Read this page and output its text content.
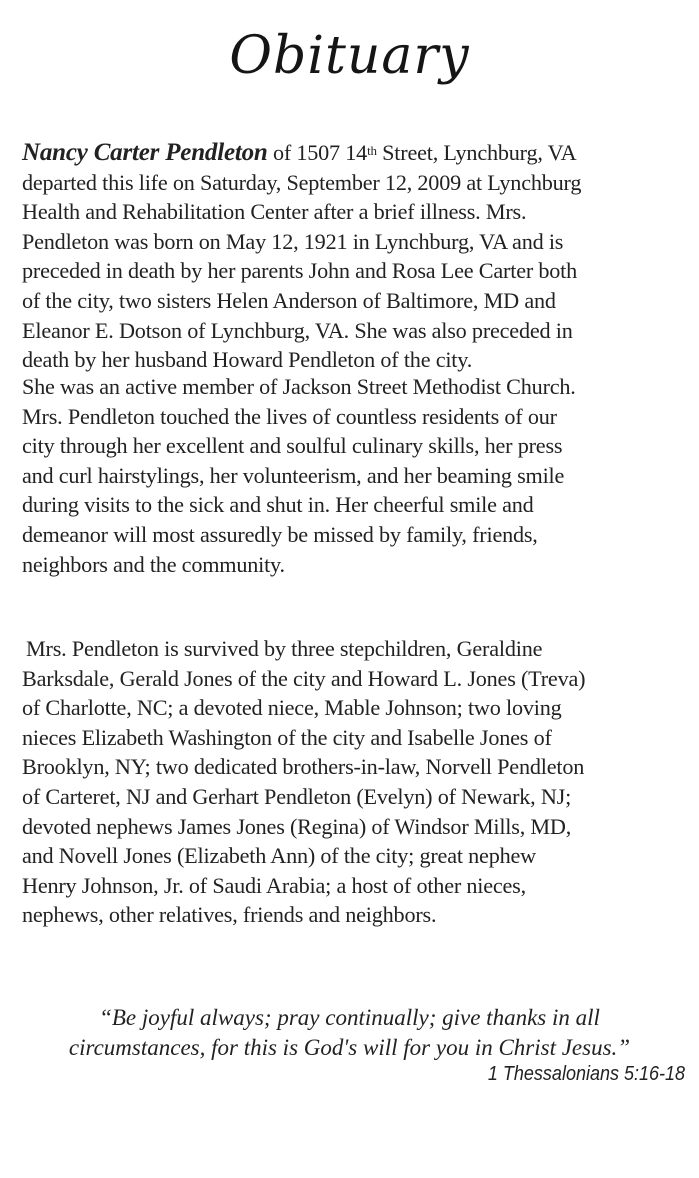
Obituary
Nancy Carter Pendleton of 1507 14th Street, Lynchburg, VA
departed this life on Saturday, September 12, 2009 at Lynchburg
Health and Rehabilitation Center after a brief illness. Mrs.
Pendleton was born on May 12, 1921 in Lynchburg, VA and is
preceded in death by her parents John and Rosa Lee Carter both
of the city, two sisters Helen Anderson of Baltimore, MD and
Eleanor E. Dotson of Lynchburg, VA. She was also preceded in
death by her husband Howard Pendleton of the city.
She was an active member of Jackson Street Methodist Church.
Mrs. Pendleton touched the lives of countless residents of our
city through her excellent and soulful culinary skills, her press
and curl hairstylings, her volunteerism, and her beaming smile
during visits to the sick and shut in. Her cheerful smile and
demeanor will most assuredly be missed by family, friends,
neighbors and the community.
Mrs. Pendleton is survived by three stepchildren, Geraldine
Barksdale, Gerald Jones of the city and Howard L. Jones (Treva)
of Charlotte, NC; a devoted niece, Mable Johnson; two loving
nieces Elizabeth Washington of the city and Isabelle Jones of
Brooklyn, NY; two dedicated brothers-in-law, Norvell Pendleton
of Carteret, NJ and Gerhart Pendleton (Evelyn) of Newark, NJ;
devoted nephews James Jones (Regina) of Windsor Mills, MD,
and Novell Jones (Elizabeth Ann) of the city; great nephew
Henry Johnson, Jr. of Saudi Arabia; a host of other nieces,
nephews, other relatives, friends and neighbors.
“Be joyful always; pray continually; give thanks in all
circumstances, for this is God's will for you in Christ Jesus.”
1 Thessalonians 5:16-18
